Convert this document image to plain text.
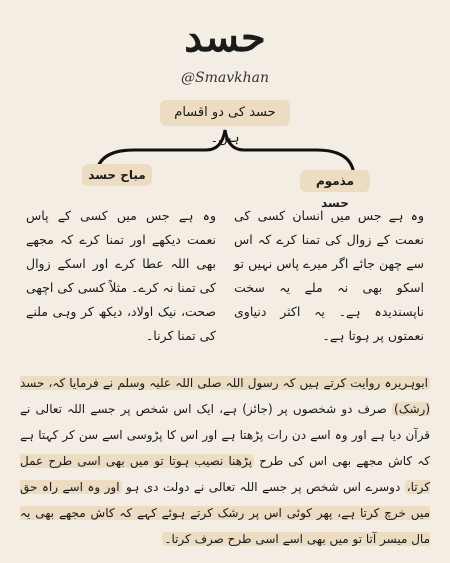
حسد
@Smavkhan
حسد کی دو اقسام ہیں۔
مذموم حسد
مباح حسد
وہ ہے جس میں انسان کسی کی نعمت کے زوال کی تمنا کرے کہ اس سے چھن جائے اگر میرے پاس نہیں تو اسکو بھی نہ ملے یہ سخت ناپسندیدہ ہے۔ یہ اکثر دنیاوی نعمتوں پر ہوتا ہے۔
وہ ہے جس میں کسی کے پاس نعمت دیکھے اور تمنا کرے کہ مجھے بھی اللہ عطا کرے اور اسکے زوال کی تمنا نہ کرے۔ مثلاً کسی کی اچھی صحت، نیک اولاد، دیکھ کر وہی ملنے کی تمنا کرنا۔
ابوہریرہ روایت کرتے ہیں کہ رسول اللہ صلی اللہ علیہ وسلم نے فرمایا کہ، حسد (رشک) صرف دو شخصوں پر (جائز) ہے، ایک اس شخص پر جسے اللہ تعالی نے قرآن دیا ہے اور وہ اسے دن رات پڑھتا ہے اور اس کا پڑوسی اسے سن کر کہتا ہے کہ کاش مجھے بھی اس کی طرح پڑھنا نصیب ہوتا تو میں بھی اسی طرح عمل کرتا، دوسرے اس شخص پر جسے اللہ تعالی نے دولت دی ہو اور وہ اسے راہ حق میں خرچ کرتا ہے، پھر کوئی اس پر رشک کرتے ہوئے کہے کہ کاش مجھے بھی یہ مال میسر آتا تو میں بھی اسے اسی طرح صرف کرتا۔
